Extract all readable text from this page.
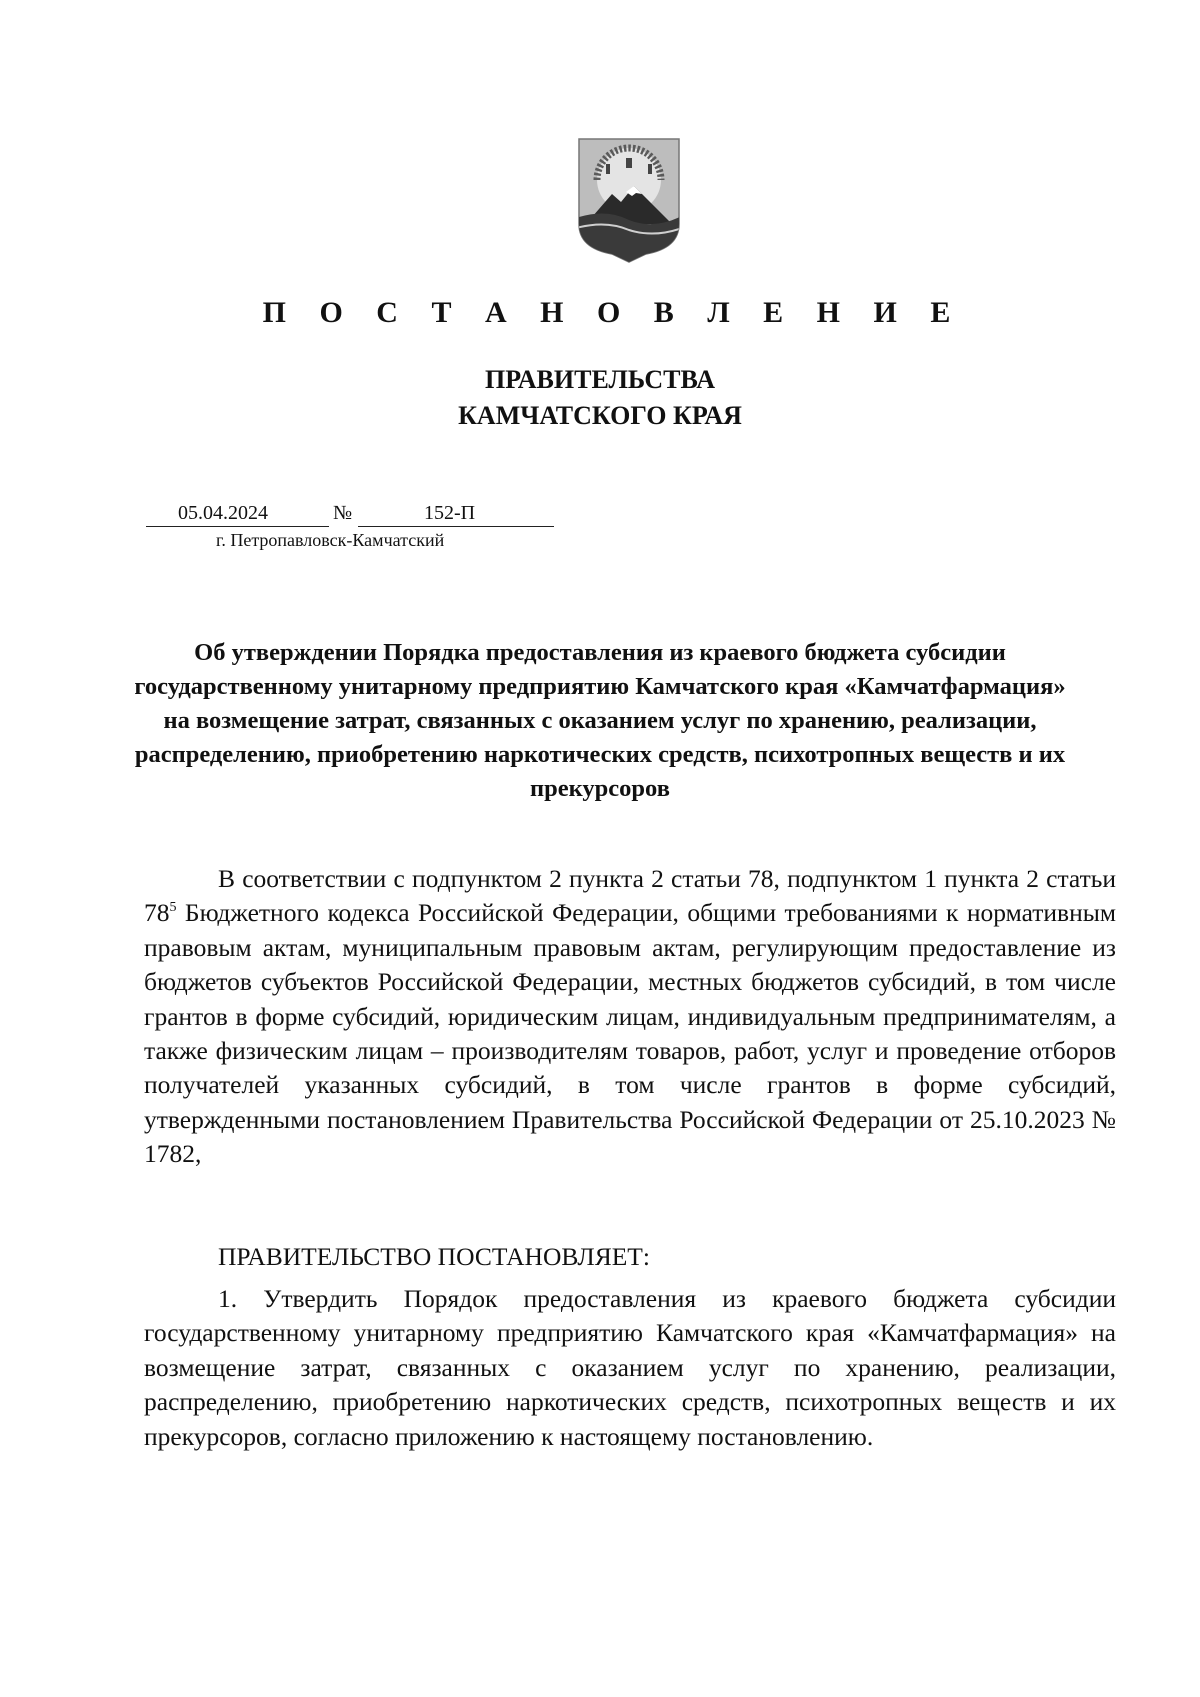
П О С Т А Н О В Л Е Н И Е
ПРАВИТЕЛЬСТВА
КАМЧАТСКОГО КРАЯ
05.04.2024	№	152-П
г. Петропавловск-Камчатский
Об утверждении Порядка предоставления из краевого бюджета субсидии государственному унитарному предприятию Камчатского края «Камчатфармация» на возмещение затрат, связанных с оказанием услуг по хранению, реализации, распределению, приобретению наркотических средств, психотропных веществ и их прекурсоров
В соответствии с подпунктом 2 пункта 2 статьи 78, подпунктом 1 пункта 2 статьи $78^5$ Бюджетного кодекса Российской Федерации, общими требованиями к нормативным правовым актам, муниципальным правовым актам, регулирующим предоставление из бюджетов субъектов Российской Федерации, местных бюджетов субсидий, в том числе грантов в форме субсидий, юридическим лицам, индивидуальным предпринимателям, а также физическим лицам – производителям товаров, работ, услуг и проведение отборов получателей указанных субсидий, в том числе грантов в форме субсидий, утвержденными постановлением Правительства Российской Федерации от 25.10.2023 № 1782,
ПРАВИТЕЛЬСТВО ПОСТАНОВЛЯЕТ:
1. Утвердить Порядок предоставления из краевого бюджета субсидии государственному унитарному предприятию Камчатского края «Камчатфармация» на возмещение затрат, связанных с оказанием услуг по хранению, реализации, распределению, приобретению наркотических средств, психотропных веществ и их прекурсоров, согласно приложению к настоящему постановлению.
